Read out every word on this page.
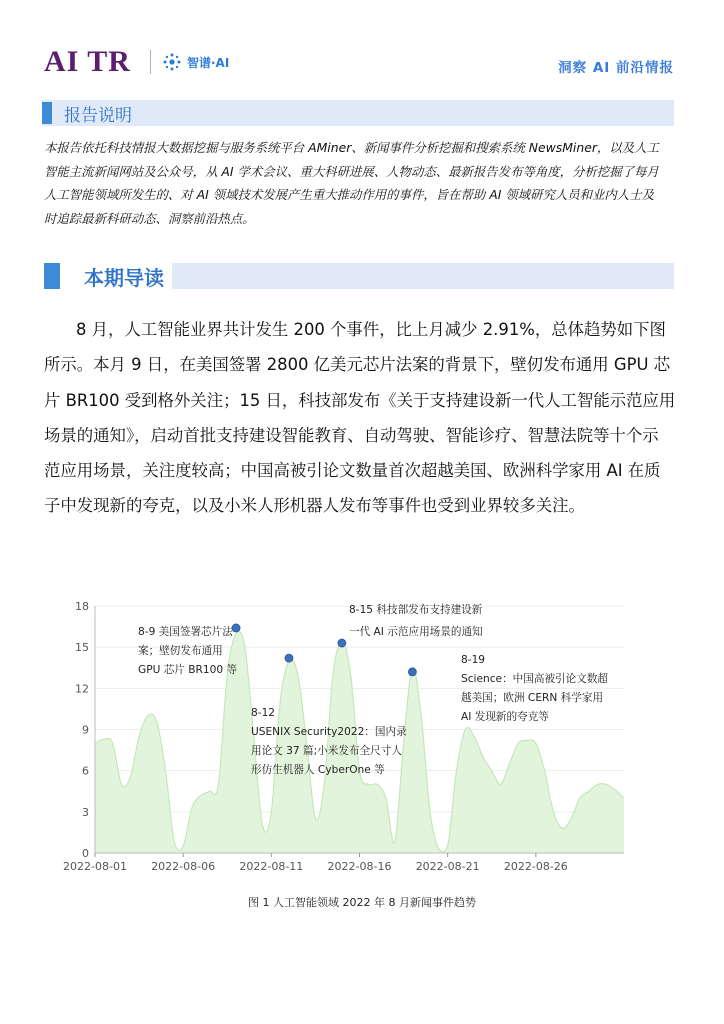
AI TR	智谱·AI	洞察 AI 前沿情报
报告说明
本报告依托科技情报大数据挖掘与服务系统平台 AMiner、新闻事件分析挖掘和搜索系统 NewsMiner，以及人工
智能主流新闻网站及公众号，从 AI 学术会议、重大科研进展、人物动态、最新报告发布等角度，分析挖掘了每月
人工智能领域所发生的、对 AI 领域技术发展产生重大推动作用的事件，旨在帮助 AI 领域研究人员和业内人士及
时追踪最新科研动态、洞察前沿热点。
本期导读
8 月，人工智能业界共计发生 200 个事件，比上月减少 2.91%，总体趋势如下图
所示。本月 9 日，在美国签署 2800 亿美元芯片法案的背景下，壁仞发布通用 GPU 芯
片 BR100 受到格外关注；15 日，科技部发布《关于支持建设新一代人工智能示范应用
场景的通知》，启动首批支持建设智能教育、自动驾驶、智能诊疗、智慧法院等十个示
范应用场景，关注度较高；中国高被引论文数量首次超越美国、欧洲科学家用 AI 在质
子中发现新的夸克，以及小米人形机器人发布等事件也受到业界较多关注。
0
3
6
9
12
15
18
2022-08-01 2022-08-06 2022-08-11 2022-08-16 2022-08-21 2022-08-26
8-9 美国签署芯片法
案；壁仞发布通用
GPU 芯片 BR100 等
8-12
USENIX Security2022：国内录
用论文 37 篇;小米发布全尺寸人
形仿生机器人 CyberOne 等
8-15 科技部发布支持建设新
一代 AI 示范应用场景的通知
8-19
Science：中国高被引论文数超
越美国；欧洲 CERN 科学家用
AI 发现新的夸克等
图 1 人工智能领域 2022 年 8 月新闻事件趋势
